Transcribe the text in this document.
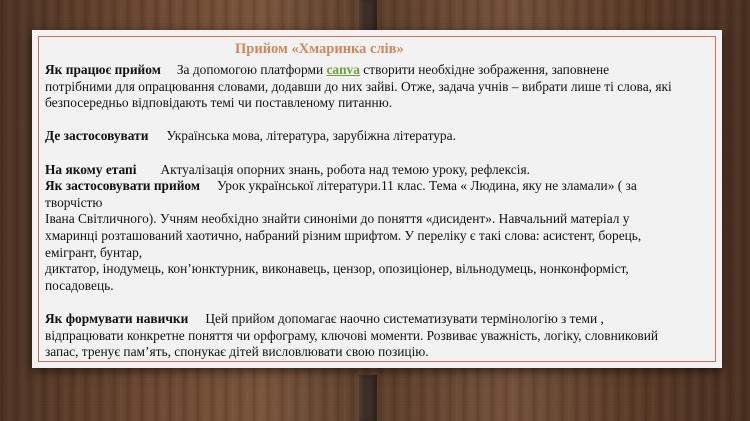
Прийом «Хмаринка слів»
Як працює прийом За допомогою платформи canva створити необхідне зображення, заповнене
потрібними для опрацювання словами, додавши до них зайві. Отже, задача учнів – вибрати лише ті слова, які
безпосередньо відповідають темі чи поставленому питанню.
Де застосовувати Українська мова, література, зарубіжна література.
На якому етапі Актуалізація опорних знань, робота над темою уроку, рефлексія.
Як застосовувати прийом Урок української літератури.11 клас. Тема « Людина, яку не зламали» ( за
творчістю
Івана Світличного). Учням необхідно знайти синоніми до поняття «дисидент». Навчальний матеріал у
хмаринці розташований хаотично, набраний різним шрифтом. У переліку є такі слова: асистент, борець,
емігрант, бунтар,
диктатор, інодумець, кон’юнктурник, виконавець, цензор, опозиціонер, вільнодумець, нонконформіст,
посадовець.
Як формувати навички Цей прийом допомагає наочно систематизувати термінологію з теми ,
відпрацювати конкретне поняття чи орфограму, ключові моменти. Розвиває уважність, логіку, словниковий
запас, тренує пам’ять, спонукає дітей висловлювати свою позицію.
